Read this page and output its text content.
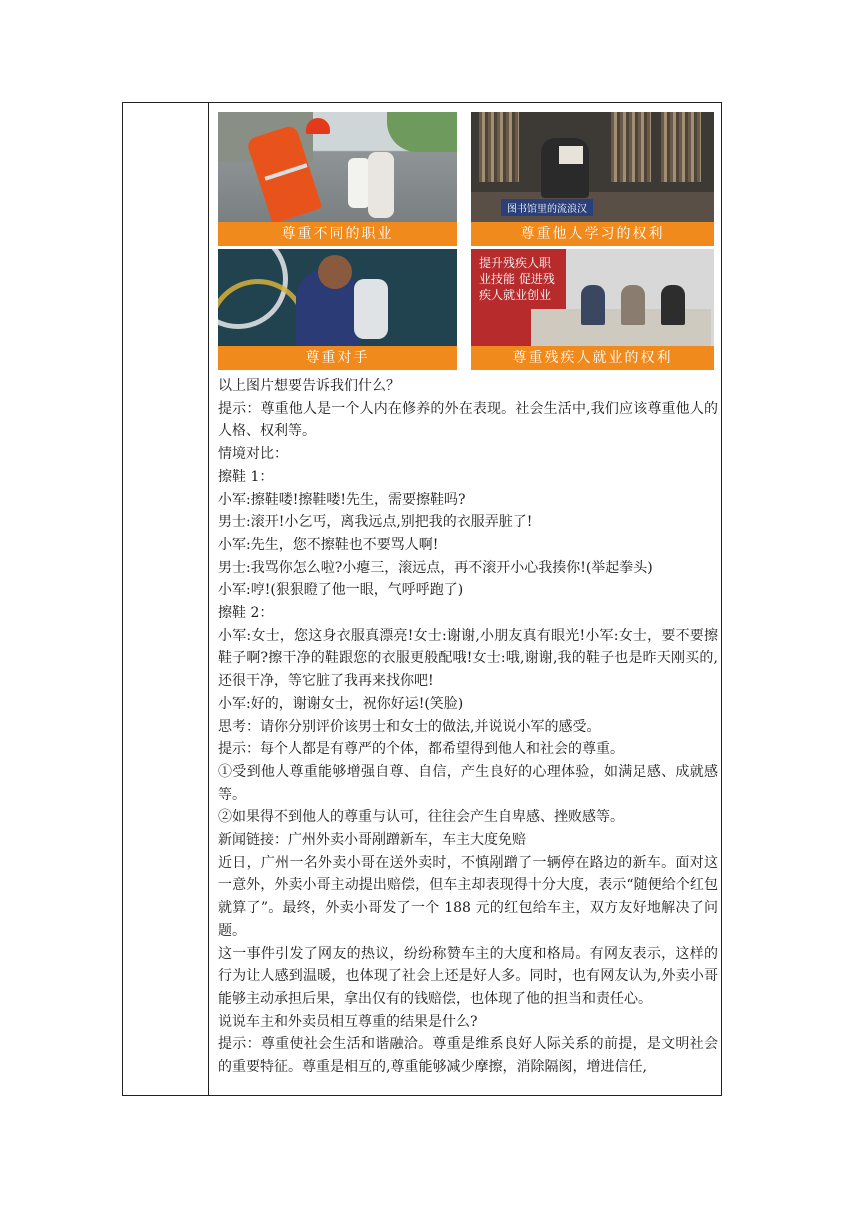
尊重不同的职业
图书馆里的流浪汉
尊重他人学习的权利
尊重对手
提升残疾人职业技能 促进残疾人就业创业
尊重残疾人就业的权利

以上图片想要告诉我们什么？

提示：尊重他人是一个人内在修养的外在表现。社会生活中,我们应该尊重他人的人格、权利等。

情境对比：

擦鞋 1：

小军:擦鞋喽!擦鞋喽!先生，需要擦鞋吗?

男士:滚开!小乞丐，离我远点,别把我的衣服弄脏了!

小军:先生，您不擦鞋也不要骂人啊!

男士:我骂你怎么啦?小瘪三，滚远点，再不滚开小心我揍你!(举起拳头)

小军:哼!(狠狠瞪了他一眼，气呼呼跑了)

擦鞋 2：

小军:女士，您这身衣服真漂亮!女士:谢谢,小朋友真有眼光!小军:女士，要不要擦鞋子啊?擦干净的鞋跟您的衣服更般配哦!女士:哦,谢谢,我的鞋子也是昨天刚买的,还很干净，等它脏了我再来找你吧!

小军:好的，谢谢女士，祝你好运!(笑脸)

思考：请你分别评价该男士和女士的做法,并说说小军的感受。

提示：每个人都是有尊严的个体，都希望得到他人和社会的尊重。

①受到他人尊重能够增强自尊、自信，产生良好的心理体验，如满足感、成就感等。

②如果得不到他人的尊重与认可，往往会产生自卑感、挫败感等。

新闻链接：广州外卖小哥剐蹭新车，车主大度免赔

近日，广州一名外卖小哥在送外卖时，不慎剐蹭了一辆停在路边的新车。面对这一意外，外卖小哥主动提出赔偿，但车主却表现得十分大度，表示“随便给个红包就算了”。最终，外卖小哥发了一个 188 元的红包给车主，双方友好地解决了问题。

这一事件引发了网友的热议，纷纷称赞车主的大度和格局。有网友表示，这样的行为让人感到温暖，也体现了社会上还是好人多。同时，也有网友认为,外卖小哥能够主动承担后果，拿出仅有的钱赔偿，也体现了他的担当和责任心。

说说车主和外卖员相互尊重的结果是什么?

提示：尊重使社会生活和谐融洽。尊重是维系良好人际关系的前提，是文明社会的重要特征。尊重是相互的,尊重能够减少摩擦，消除隔阂，增进信任,
